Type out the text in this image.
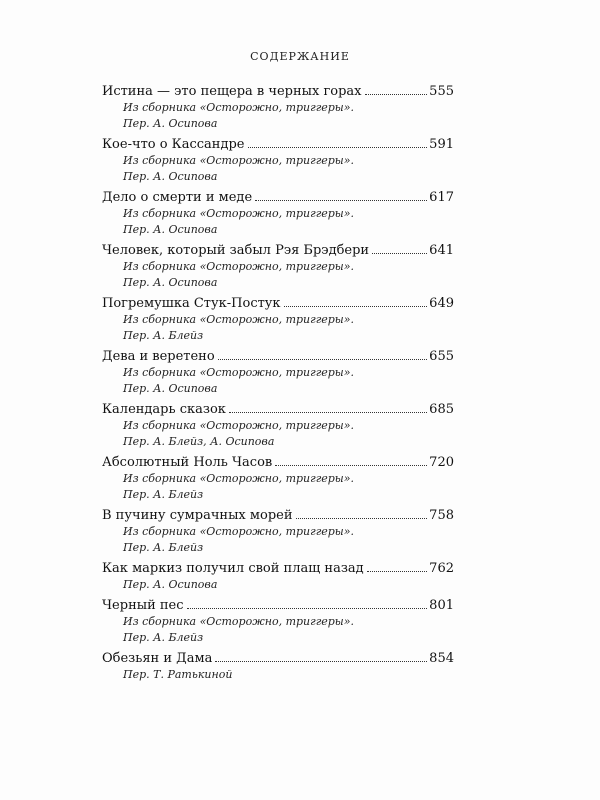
СОДЕРЖАНИЕ
Истина — это пещера в черных горах	555
Из сборника «Осторожно, триггеры».
Пер. А. Осипова
Кое-что о Кассандре	591
Из сборника «Осторожно, триггеры».
Пер. А. Осипова
Дело о смерти и меде	617
Из сборника «Осторожно, триггеры».
Пер. А. Осипова
Человек, который забыл Рэя Брэдбери	641
Из сборника «Осторожно, триггеры».
Пер. А. Осипова
Погремушка Стук-Постук	649
Из сборника «Осторожно, триггеры».
Пер. А. Блейз
Дева и веретено	655
Из сборника «Осторожно, триггеры».
Пер. А. Осипова
Календарь сказок	685
Из сборника «Осторожно, триггеры».
Пер. А. Блейз, А. Осипова
Абсолютный Ноль Часов	720
Из сборника «Осторожно, триггеры».
Пер. А. Блейз
В пучину сумрачных морей	758
Из сборника «Осторожно, триггеры».
Пер. А. Блейз
Как маркиз получил свой плащ назад	762
Пер. А. Осипова
Черный пес	801
Из сборника «Осторожно, триггеры».
Пер. А. Блейз
Обезьян и Дама	854
Пер. Т. Ратькиной
